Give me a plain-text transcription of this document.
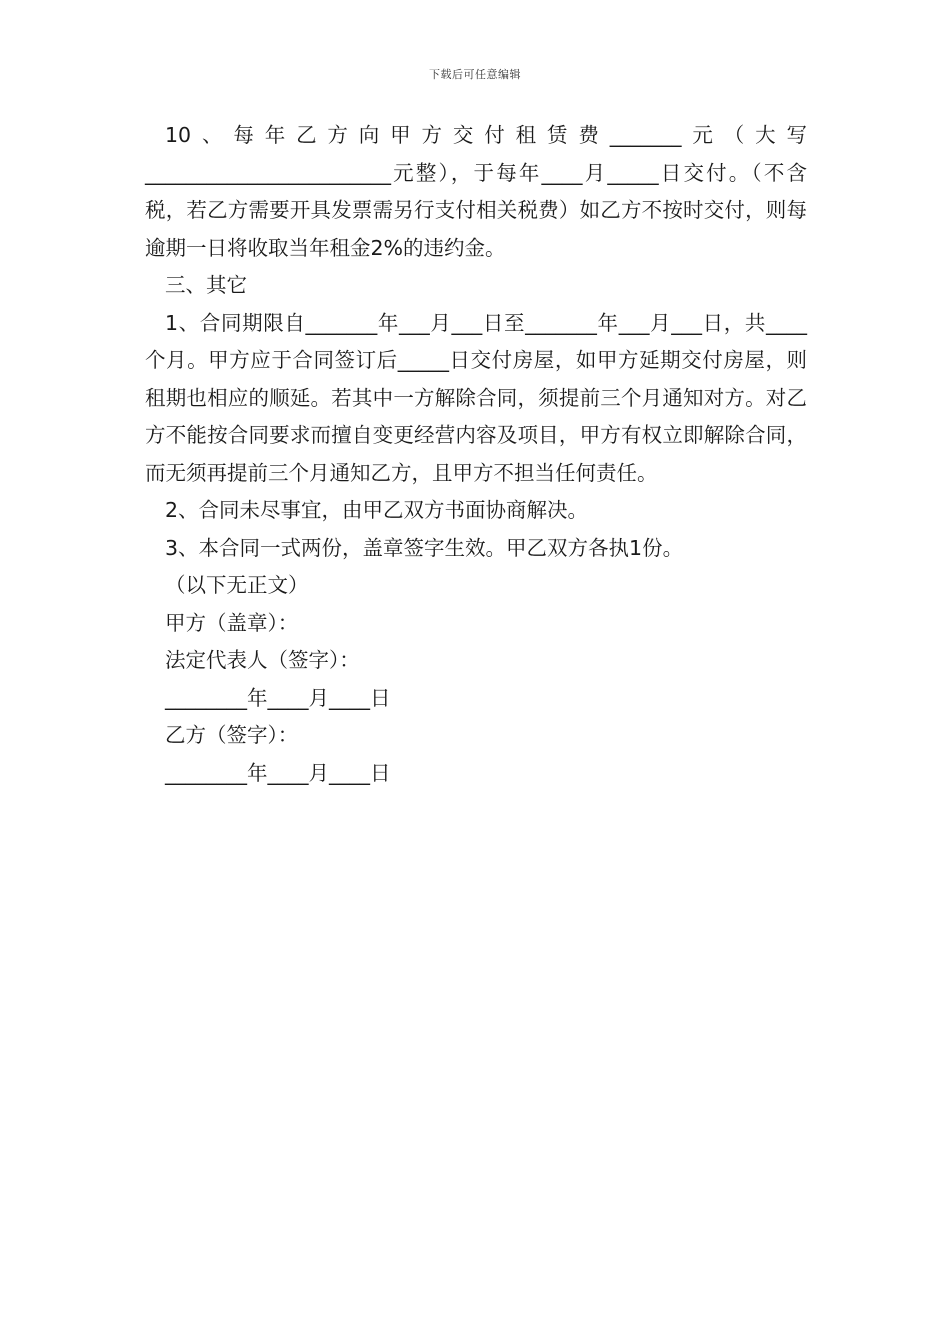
下载后可任意编辑

10、每年乙方向甲方交付租赁费_______元（大写________________________元整），于每年____月_____日交付。（不含税，若乙方需要开具发票需另行支付相关税费）如乙方不按时交付，则每逾期一日将收取当年租金2%的违约金。

三、其它

1、合同期限自_______年___月___日至_______年___月___日，共____个月。甲方应于合同签订后_____日交付房屋，如甲方延期交付房屋，则租期也相应的顺延。若其中一方解除合同，须提前三个月通知对方。对乙方不能按合同要求而擅自变更经营内容及项目，甲方有权立即解除合同，而无须再提前三个月通知乙方，且甲方不担当任何责任。

2、合同未尽事宜，由甲乙双方书面协商解决。

3、本合同一式两份，盖章签字生效。甲乙双方各执1份。

（以下无正文）

甲方（盖章）：

法定代表人（签字）：

________年____月____日

乙方（签字）：

________年____月____日
